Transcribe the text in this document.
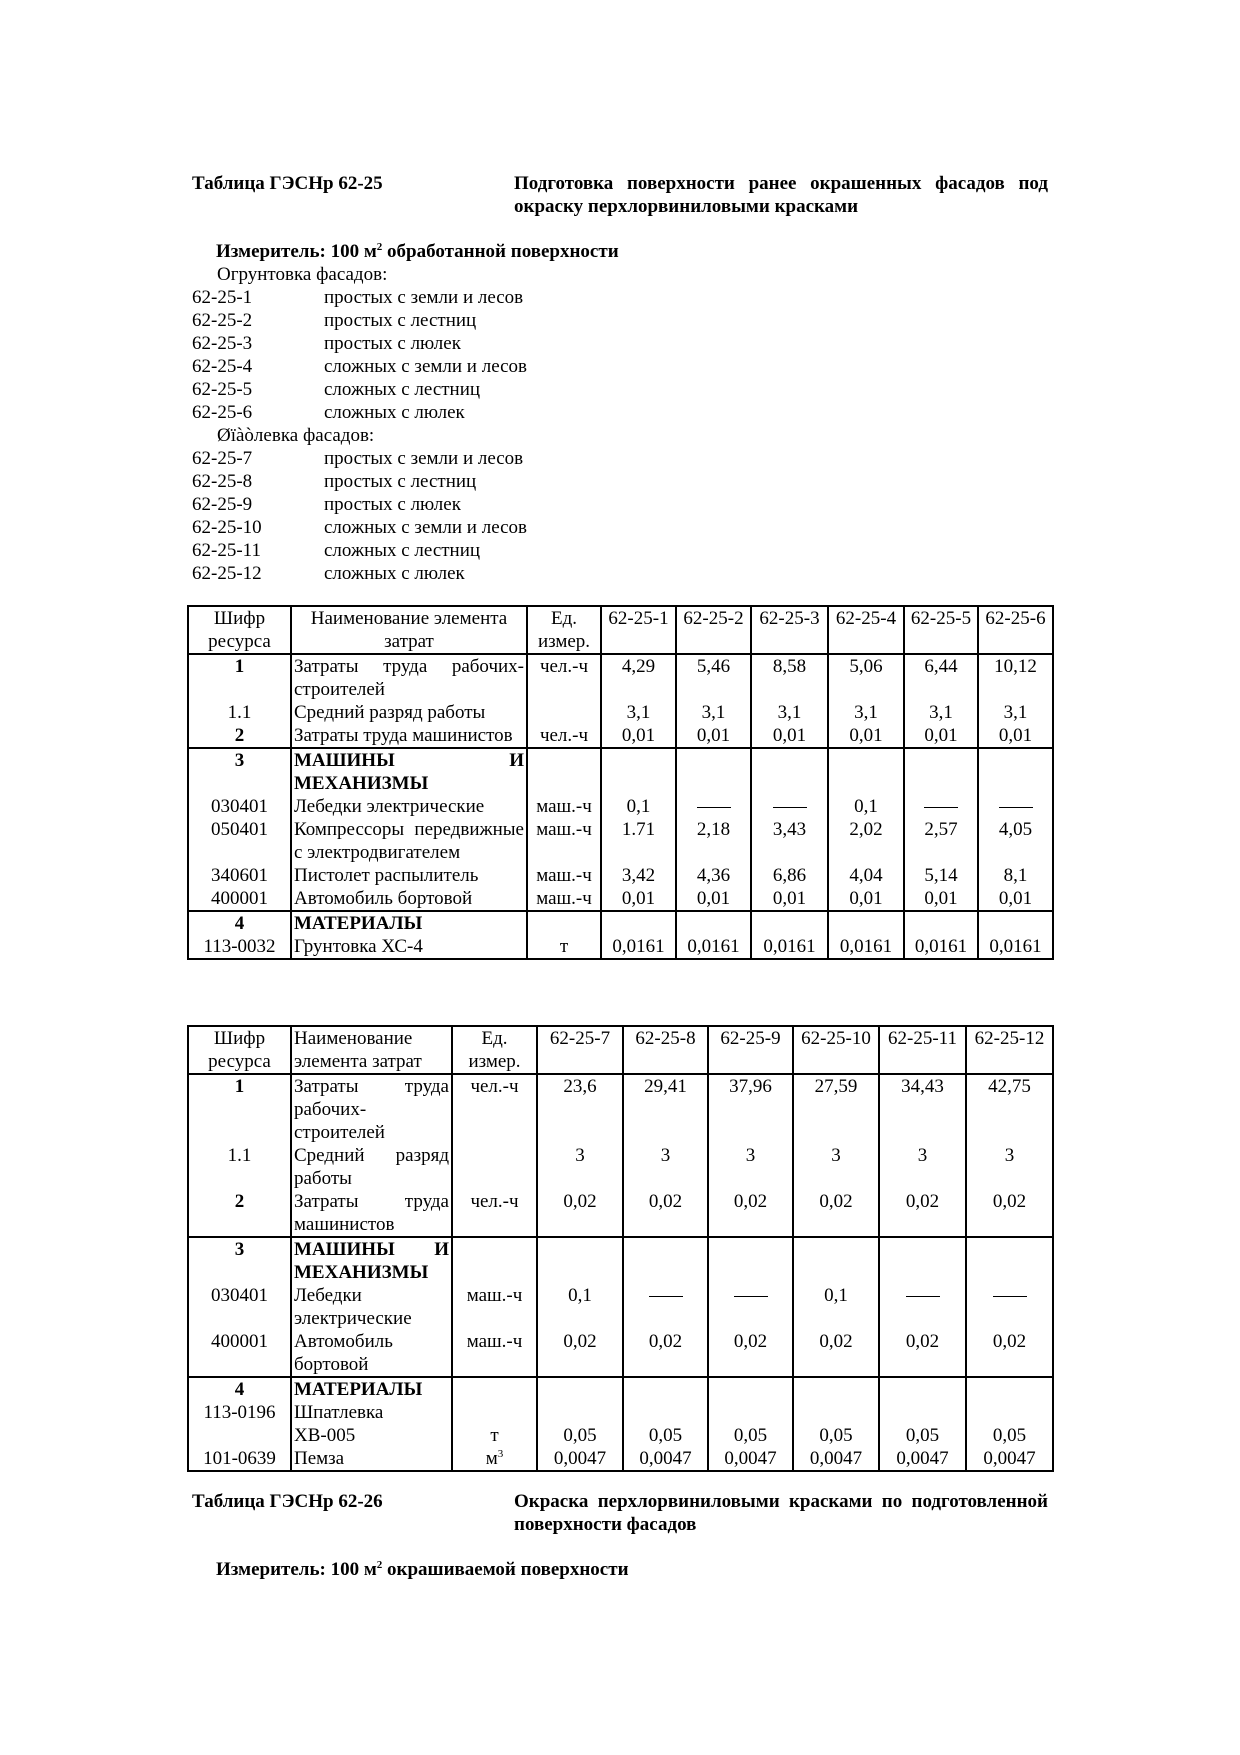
Таблица ГЭСНр 62-25	Подготовка поверхности ранее окрашенных фасадов под окраску перхлорвиниловыми красками
Измеритель: 100 $м^2$ обработанной поверхности
Огрунтовка фасадов:
62-25-1	простых с земли и лесов
62-25-2	простых с лестниц
62-25-3	простых с люлек
62-25-4	сложных с земли и лесов
62-25-5	сложных с лестниц
62-25-6	сложных с люлек
Øïàòлевка фасадов:
62-25-7	простых с земли и лесов
62-25-8	простых с лестниц
62-25-9	простых с люлек
62-25-10	сложных с земли и лесов
62-25-11	сложных с лестниц
62-25-12	сложных с люлек
Шифр ресурса	Наименование элемента затрат	Ед. измер.	62-25-1	62-25-2	62-25-3	62-25-4	62-25-5	62-25-6
1	Затраты труда рабочих-строителей	чел.-ч	4,29	5,46	8,58	5,06	6,44	10,12
1.1	Средний разряд работы		3,1	3,1	3,1	3,1	3,1	3,1
2	Затраты труда машинистов	чел.-ч	0,01	0,01	0,01	0,01	0,01	0,01
3	МАШИНЫ И МЕХАНИЗМЫ							
030401	Лебедки электрические	маш.-ч	0,1			0,1		
050401	Компрессоры передвижные с электродвигателем	маш.-ч	1.71	2,18	3,43	2,02	2,57	4,05
340601	Пистолет распылитель	маш.-ч	3,42	4,36	6,86	4,04	5,14	8,1
400001	Автомобиль бортовой	маш.-ч	0,01	0,01	0,01	0,01	0,01	0,01
4	МАТЕРИАЛЫ							
113-0032	Грунтовка ХС-4	т	0,0161	0,0161	0,0161	0,0161	0,0161	0,0161
Шифр ресурса	Наименование элемента затрат	Ед. измер.	62-25-7	62-25-8	62-25-9	62-25-10	62-25-11	62-25-12
1	Затраты труда рабочих-строителей	чел.-ч	23,6	29,41	37,96	27,59	34,43	42,75
1.1	Средний разряд работы		3	3	3	3	3	3
2	Затраты труда машинистов	чел.-ч	0,02	0,02	0,02	0,02	0,02	0,02
3	МАШИНЫ И МЕХАНИЗМЫ							
030401	Лебедки электрические	маш.-ч	0,1			0,1		
400001	Автомобиль бортовой	маш.-ч	0,02	0,02	0,02	0,02	0,02	0,02
4	МАТЕРИАЛЫ							
113-0196	Шпатлевка ХВ-005	т	0,05	0,05	0,05	0,05	0,05	0,05
101-0639	Пемза	$м^3$	0,0047	0,0047	0,0047	0,0047	0,0047	0,0047
Таблица ГЭСНр 62-26	Окраска перхлорвиниловыми красками по подготовленной поверхности фасадов
Измеритель: 100 $м^2$ окрашиваемой поверхности
